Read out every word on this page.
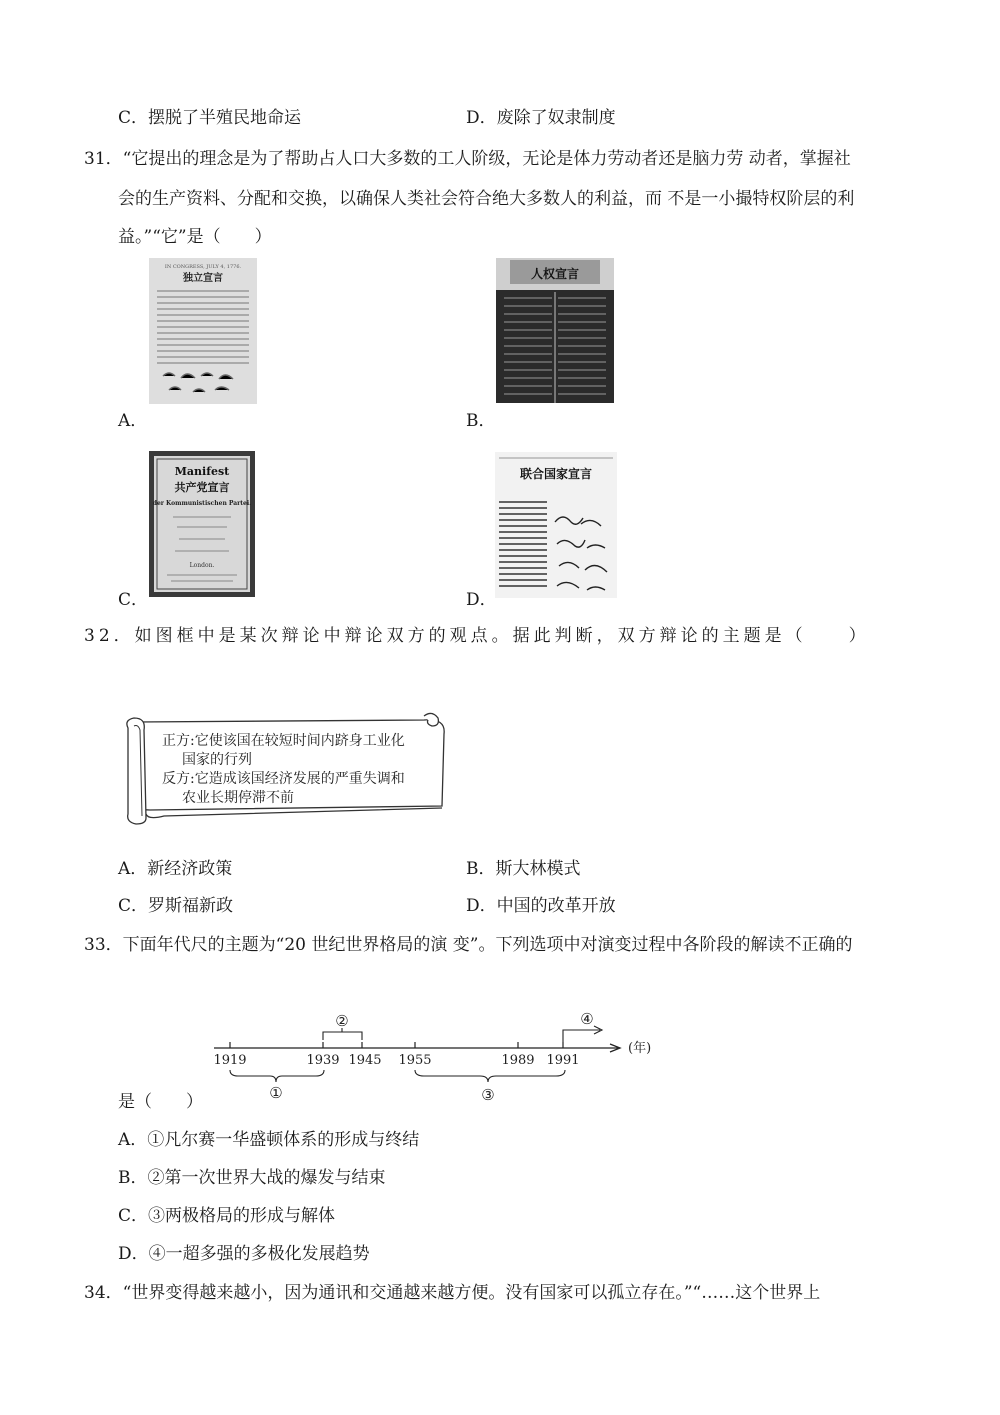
C．摆脱了半殖民地命运	D．废除了奴隶制度
31．“它提出的理念是为了帮助占人口大多数的工人阶级，无论是体力劳动者还是脑力劳 动者，掌握社
会的生产资料、分配和交换，以确保人类社会符合绝大多数人的利益，而 不是一小撮特权阶层的利
益。”“它”是（　　）
IN CONGRESS, JULY 4, 1776.
独立宣言
A．
人权宣言
B．
Manifest
共产党宣言
der Kommunistischen Partei.
London.
C．
联合国家宣言
D．
32．如图框中是某次辩论中辩论双方的观点。据此判断，双方辩论的主题是（　　）
正方:它使该国在较短时间内跻身工业化
国家的行列
反方:它造成该国经济发展的严重失调和
农业长期停滞不前
A．新经济政策	B．斯大林模式
C．罗斯福新政	D．中国的改革开放
33．下面年代尺的主题为“20 世纪世界格局的演 变”。下列选项中对演变过程中各阶段的解读不正确的
1919	1939 1945 1955	1989 1991
(年)
②
①	③
④
是（　　）
A．①凡尔赛一华盛顿体系的形成与终结
B．②第一次世界大战的爆发与结束
C．③两极格局的形成与解体
D．④一超多强的多极化发展趋势
34．“世界变得越来越小，因为通讯和交通越来越方便。没有国家可以孤立存在。”“……这个世界上
